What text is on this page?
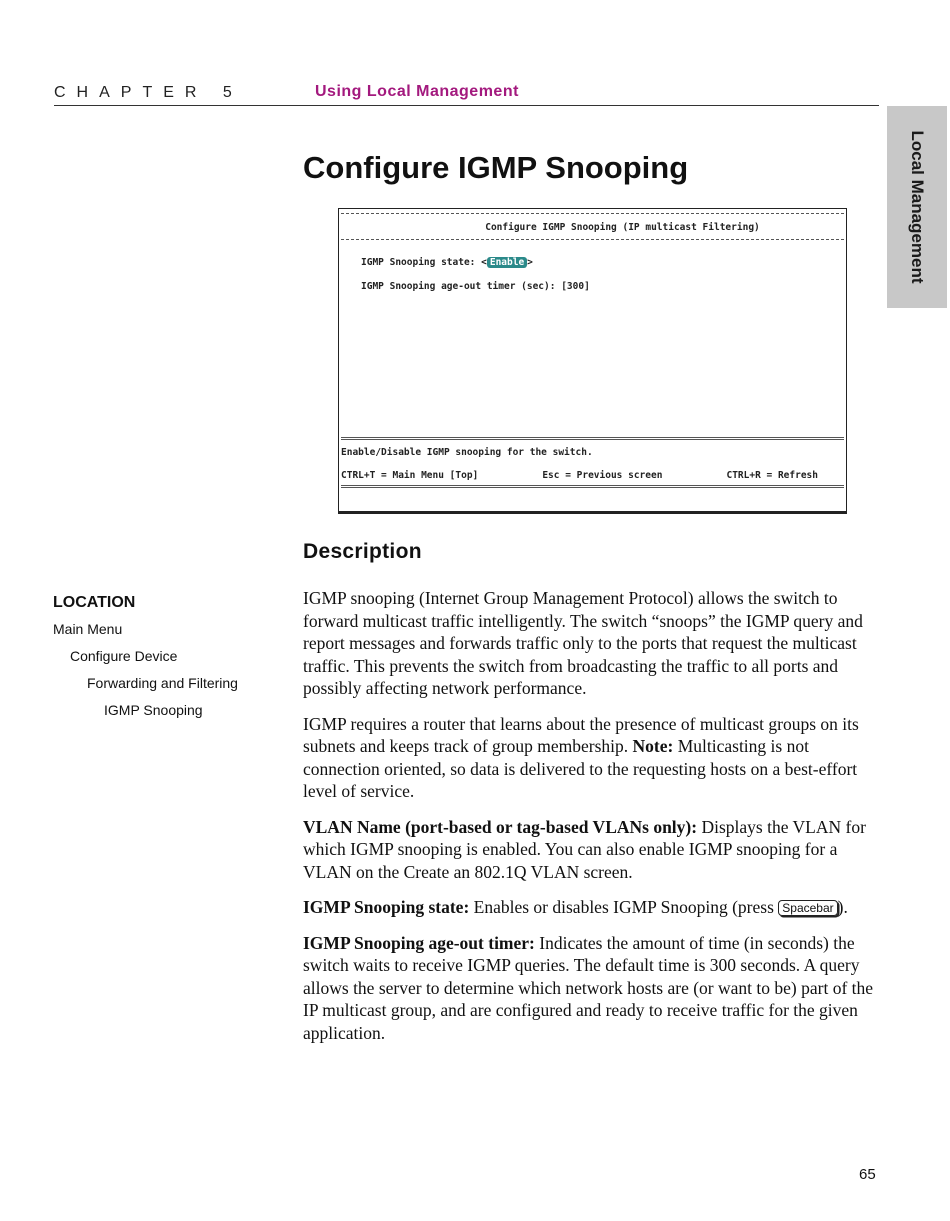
CHAPTER 5	Using Local Management
Local Management
Configure IGMP Snooping
Configure IGMP Snooping (IP multicast Filtering)
IGMP Snooping state: < Enable >
IGMP Snooping age-out timer (sec): [300]
Enable/Disable IGMP snooping for the switch.
CTRL+T = Main Menu [Top]	Esc = Previous screen	CTRL+R = Refresh
Description
LOCATION
Main Menu
Configure Device
Forwarding and Filtering
IGMP Snooping

IGMP snooping (Internet Group Management Protocol) allows the switch to forward multicast traffic intelligently. The switch “snoops” the IGMP query and report messages and forwards traffic only to the ports that request the multicast traffic. This prevents the switch from broadcasting the traffic to all ports and possibly affecting network performance.

IGMP requires a router that learns about the presence of multicast groups on its subnets and keeps track of group membership. Note: Multicasting is not connection oriented, so data is delivered to the requesting hosts on a best-effort level of service.

VLAN Name (port-based or tag-based VLANs only): Displays the VLAN for which IGMP snooping is enabled. You can also enable IGMP snooping for a VLAN on the Create an 802.1Q VLAN screen.

IGMP Snooping state: Enables or disables IGMP Snooping (press Spacebar ).

IGMP Snooping age-out timer: Indicates the amount of time (in seconds) the switch waits to receive IGMP queries. The default time is 300 seconds. A query allows the server to determine which network hosts are (or want to be) part of the IP multicast group, and are configured and ready to receive traffic for the given application.

65
